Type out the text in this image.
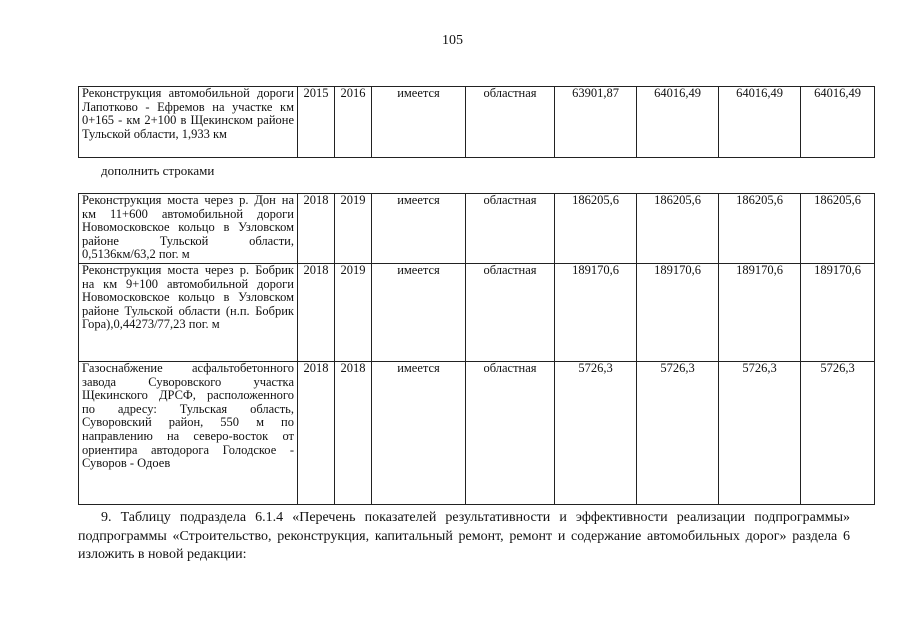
105
Реконструкция автомобильной дороги Лапотково - Ефремов на участке км 0+165 - км 2+100 в Щекинском районе Тульской области, 1,933 км	2015	2016	имеется	областная	63901,87	64016,49	64016,49	64016,49
дополнить строками
Реконструкция моста через р. Дон на км 11+600 автомобильной дороги Новомосковское кольцо в Узловском районе Тульской области, 0,5136км/63,2 пог. м	2018	2019	имеется	областная	186205,6	186205,6	186205,6	186205,6
Реконструкция моста через р. Бобрик на км 9+100 автомобильной дороги Новомосковское кольцо в Узловском районе Тульской области (н.п. Бобрик Гора),0,44273/77,23 пог. м	2018	2019	имеется	областная	189170,6	189170,6	189170,6	189170,6
Газоснабжение асфальтобетонного завода Суворовского участка Щекинского ДРСФ, расположенного по адресу: Тульская область, Суворовский район, 550 м по направлению на северо-восток от ориентира автодорога Голодское - Суворов - Одоев	2018	2018	имеется	областная	5726,3	5726,3	5726,3	5726,3
9. Таблицу подраздела 6.1.4 «Перечень показателей результативности и эффективности реализации подпрограммы» подпрограммы «Строительство, реконструкция, капитальный ремонт, ремонт и содержание автомобильных дорог» раздела 6 изложить в новой редакции:
